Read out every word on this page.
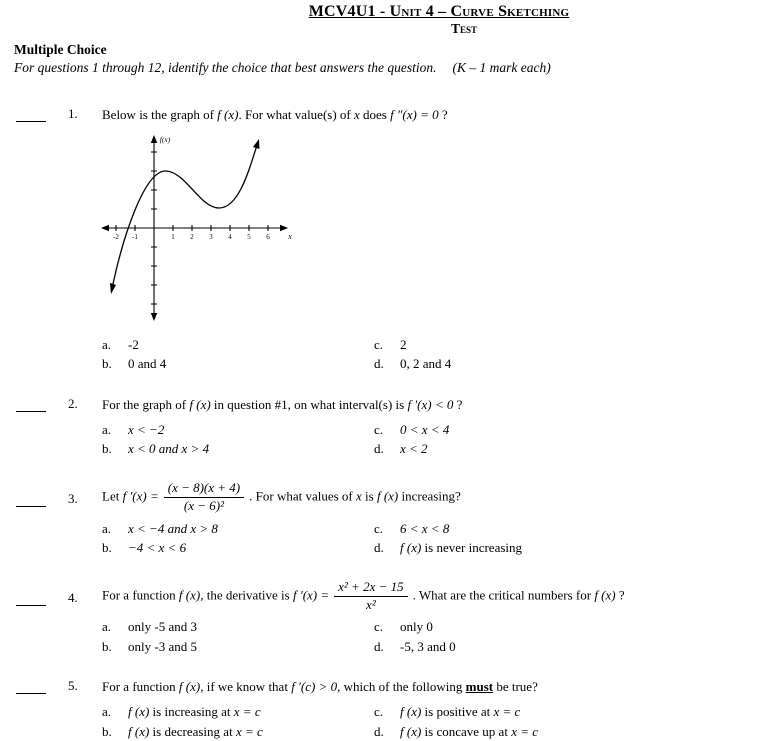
MCV4U1 - Unit 4 – Curve Sketching
Test
Multiple Choice
For questions 1 through 12, identify the choice that best answers the question. (K – 1 mark each)
1. Below is the graph of f (x). For what value(s) of x does f ″(x) = 0 ?
f(x)
x
-2 -1	1 2 3 4 5 6
a.	-2
b.	0 and 4
c.	2
d.	0, 2 and 4
2. For the graph of f (x) in question #1, on what interval(s) is f ′(x) < 0 ?
a.	x < −2
b.	x < 0 and x > 4
c.	0 < x < 4
d.	x < 2
3. Let f $'(x) = \frac{(x - 8)(x + 4)}{\text{(x − 6)²}}$ . For what values of x is f (x) increasing?
a.	x < −4 and x > 8
b.	−4 < x < 6
c.	6 < x < 8
d.	f (x) is never increasing
4. For a function f (x), the derivative is f $'(x) = \frac{\text{x² + 2x − 15}}{\text{x²}}$ . What are the critical numbers for f (x) ?
a.	only -5 and 3
b.	only -3 and 5
c.	only 0
d.	-5, 3 and 0
5. For a function f (x), if we know that f ′(c) > 0, which of the following must be true?
a.	f (x) is increasing at x = c
b.	f (x) is decreasing at x = c
c.	f (x) is positive at x = c
d.	f (x) is concave up at x = c
